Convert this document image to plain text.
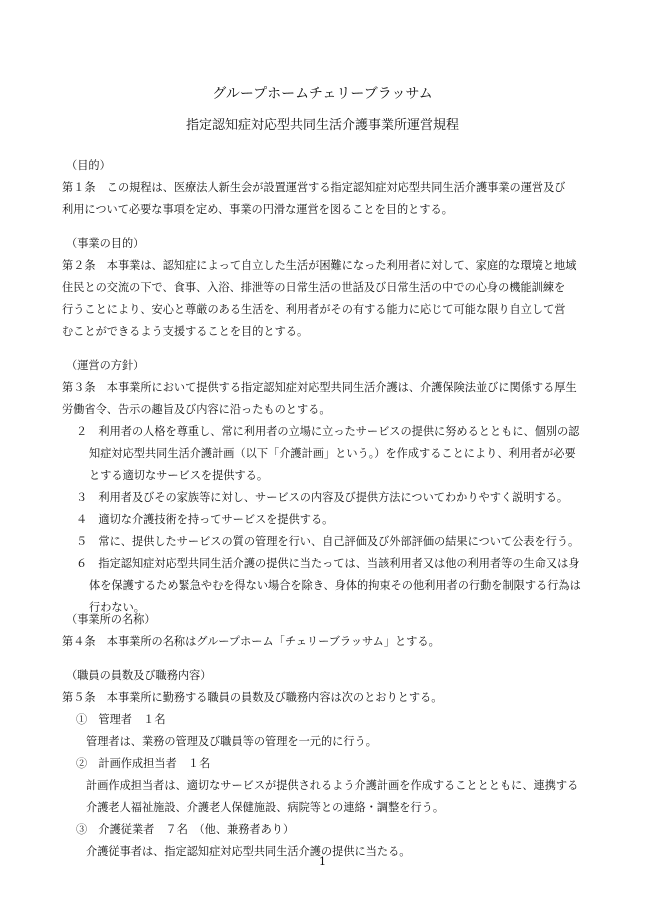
グループホームチェリーブラッサム
指定認知症対応型共同生活介護事業所運営規程
（目的）

第１条　この規程は、医療法人新生会が設置運営する指定認知症対応型共同生活介護事業の運営及び

利用について必要な事項を定め、事業の円滑な運営を図ることを目的とする。

（事業の目的）

第２条　本事業は、認知症によって自立した生活が困難になった利用者に対して、家庭的な環境と地域

住民との交流の下で、食事、入浴、排泄等の日常生活の世話及び日常生活の中での心身の機能訓練を

行うことにより、安心と尊厳のある生活を、利用者がその有する能力に応じて可能な限り自立して営

むことができるよう支援することを目的とする。

（運営の方針）

第３条　本事業所において提供する指定認知症対応型共同生活介護は、介護保険法並びに関係する厚生

労働省令、告示の趣旨及び内容に沿ったものとする。

２　利用者の人格を尊重し、常に利用者の立場に立ったサービスの提供に努めるとともに、個別の認

知症対応型共同生活介護計画（以下「介護計画」という。）を作成することにより、利用者が必要

とする適切なサービスを提供する。

３　利用者及びその家族等に対し、サービスの内容及び提供方法についてわかりやすく説明する。

４　適切な介護技術を持ってサービスを提供する。

５　常に、提供したサービスの質の管理を行い、自己評価及び外部評価の結果について公表を行う。

６　指定認知症対応型共同生活介護の提供に当たっては、当該利用者又は他の利用者等の生命又は身

体を保護するため緊急やむを得ない場合を除き、身体的拘束その他利用者の行動を制限する行為は

行わない。

（事業所の名称）

第４条　本事業所の名称はグループホーム「チェリーブラッサム」とする。

（職員の員数及び職務内容）

第５条　本事業所に勤務する職員の員数及び職務内容は次のとおりとする。

①　管理者　１名

管理者は、業務の管理及び職員等の管理を一元的に行う。

②　計画作成担当者　１名

計画作成担当者は、適切なサービスが提供されるよう介護計画を作成することとともに、連携する

介護老人福祉施設、介護老人保健施設、病院等との連絡・調整を行う。

③　介護従業者　７名　（他、兼務者あり）

介護従事者は、指定認知症対応型共同生活介護の提供に当たる。

1
